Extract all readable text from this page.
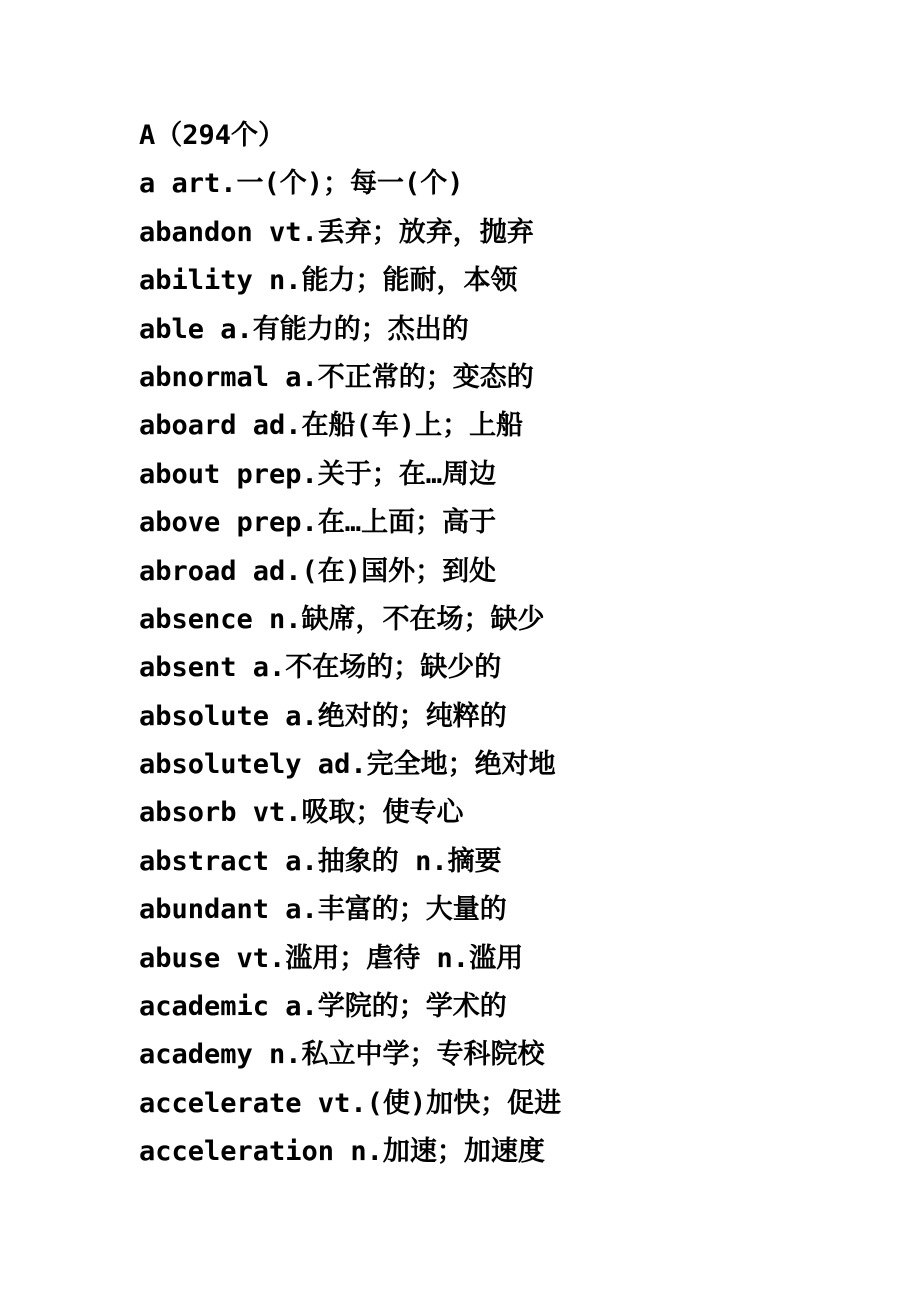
A（294个）
a art.一(个)；每一(个)
abandon vt.丢弃；放弃，抛弃
ability n.能力；能耐，本领
able a.有能力的；杰出的
abnormal a.不正常的；变态的
aboard ad.在船(车)上；上船
about prep.关于；在…周边
above prep.在…上面；高于
abroad ad.(在)国外；到处
absence n.缺席，不在场；缺少
absent a.不在场的；缺少的
absolute a.绝对的；纯粹的
absolutely ad.完全地；绝对地
absorb vt.吸取；使专心
abstract a.抽象的 n.摘要
abundant a.丰富的；大量的
abuse vt.滥用；虐待 n.滥用
academic a.学院的；学术的
academy n.私立中学；专科院校
accelerate vt.(使)加快；促进
acceleration n.加速；加速度
